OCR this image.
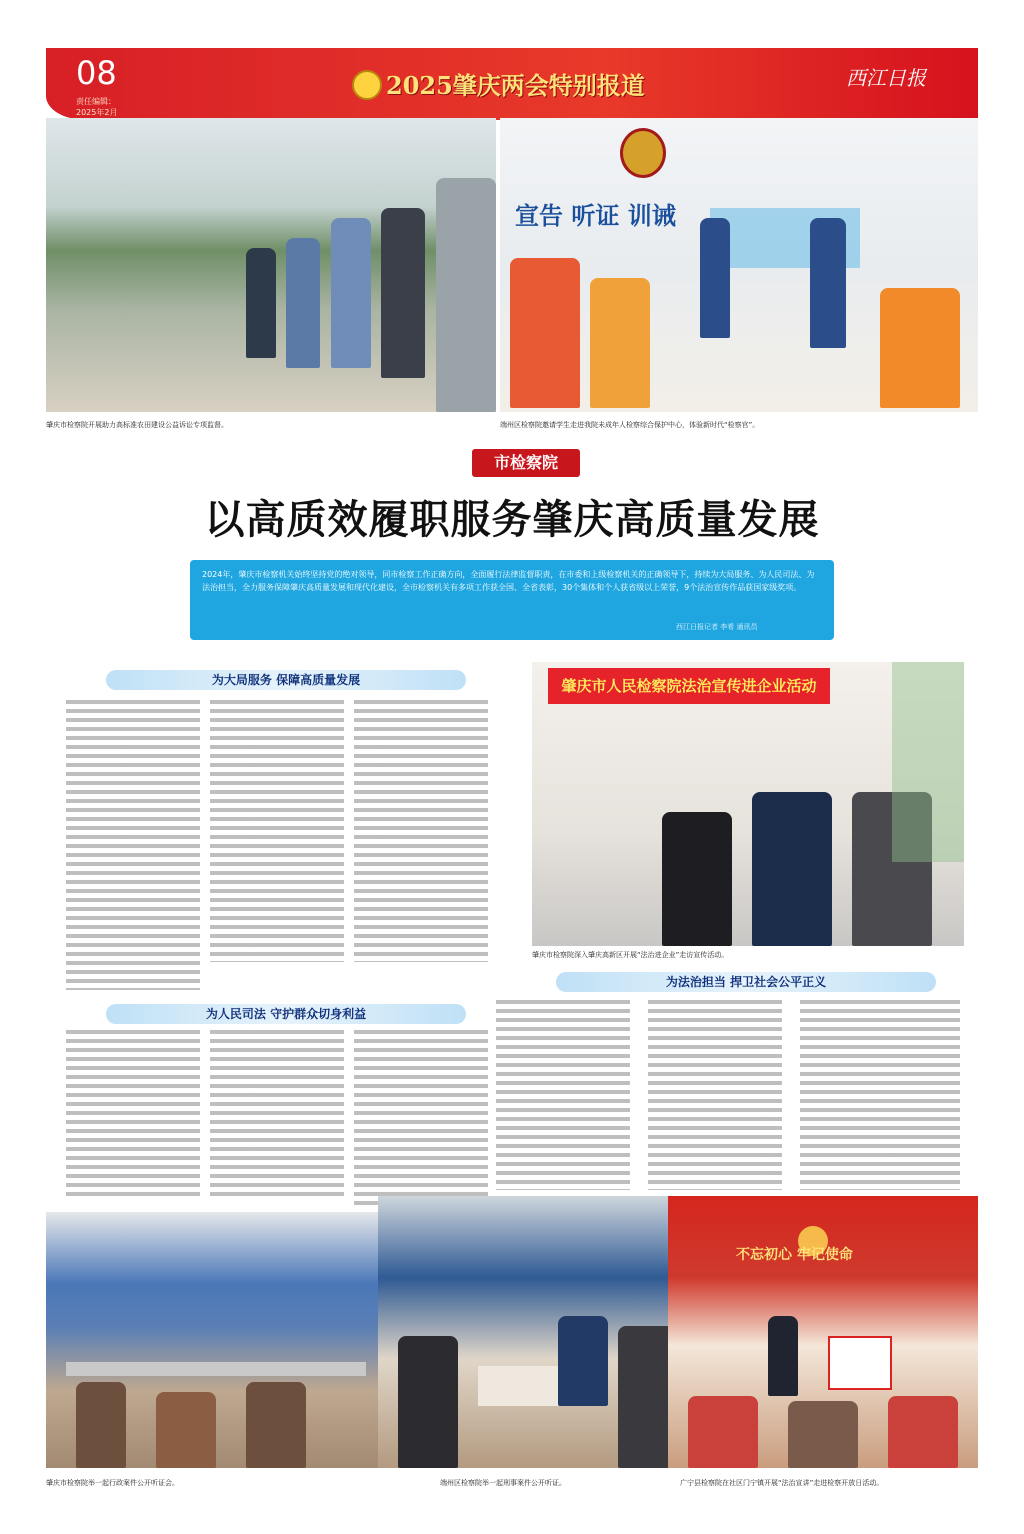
08
责任编辑：
2025年2月
2025肇庆两会特别报道	西江日报
宣告 听证 训诫
肇庆市检察院开展助力高标准农田建设公益诉讼专项监督。	端州区检察院邀请学生走进我院未成年人检察综合保护中心，体验新时代“检察官”。
市检察院
以高质效履职服务肇庆高质量发展
2024年，肇庆市检察机关始终坚持党的绝对领导，同市检察工作正确方向，全面履行法律监督职责，在市委和上级检察机关的正确领导下，持续为大局服务、为人民司法、为法治担当，全力服务保障肇庆高质量发展和现代化建设，全市检察机关有多项工作获全国、全省表彰，30个集体和个人获省级以上荣誉，9个法治宣传作品获国家级奖项。
西江日报记者 李希 通讯员
为大局服务 保障高质量发展
为人民司法 守护群众切身利益
为法治担当 捍卫社会公平正义
肇庆市人民检察院法治宣传进企业活动
肇庆市检察院深入肇庆高新区开展“法治进企业”走访宣传活动。
不忘初心 牢记使命
肇庆市检察院举一起行政案件公开听证会。	端州区检察院举一起刑事案件公开听证。	广宁县检察院在社区门宁镇开展“法治宣讲”走进检察开放日活动。
